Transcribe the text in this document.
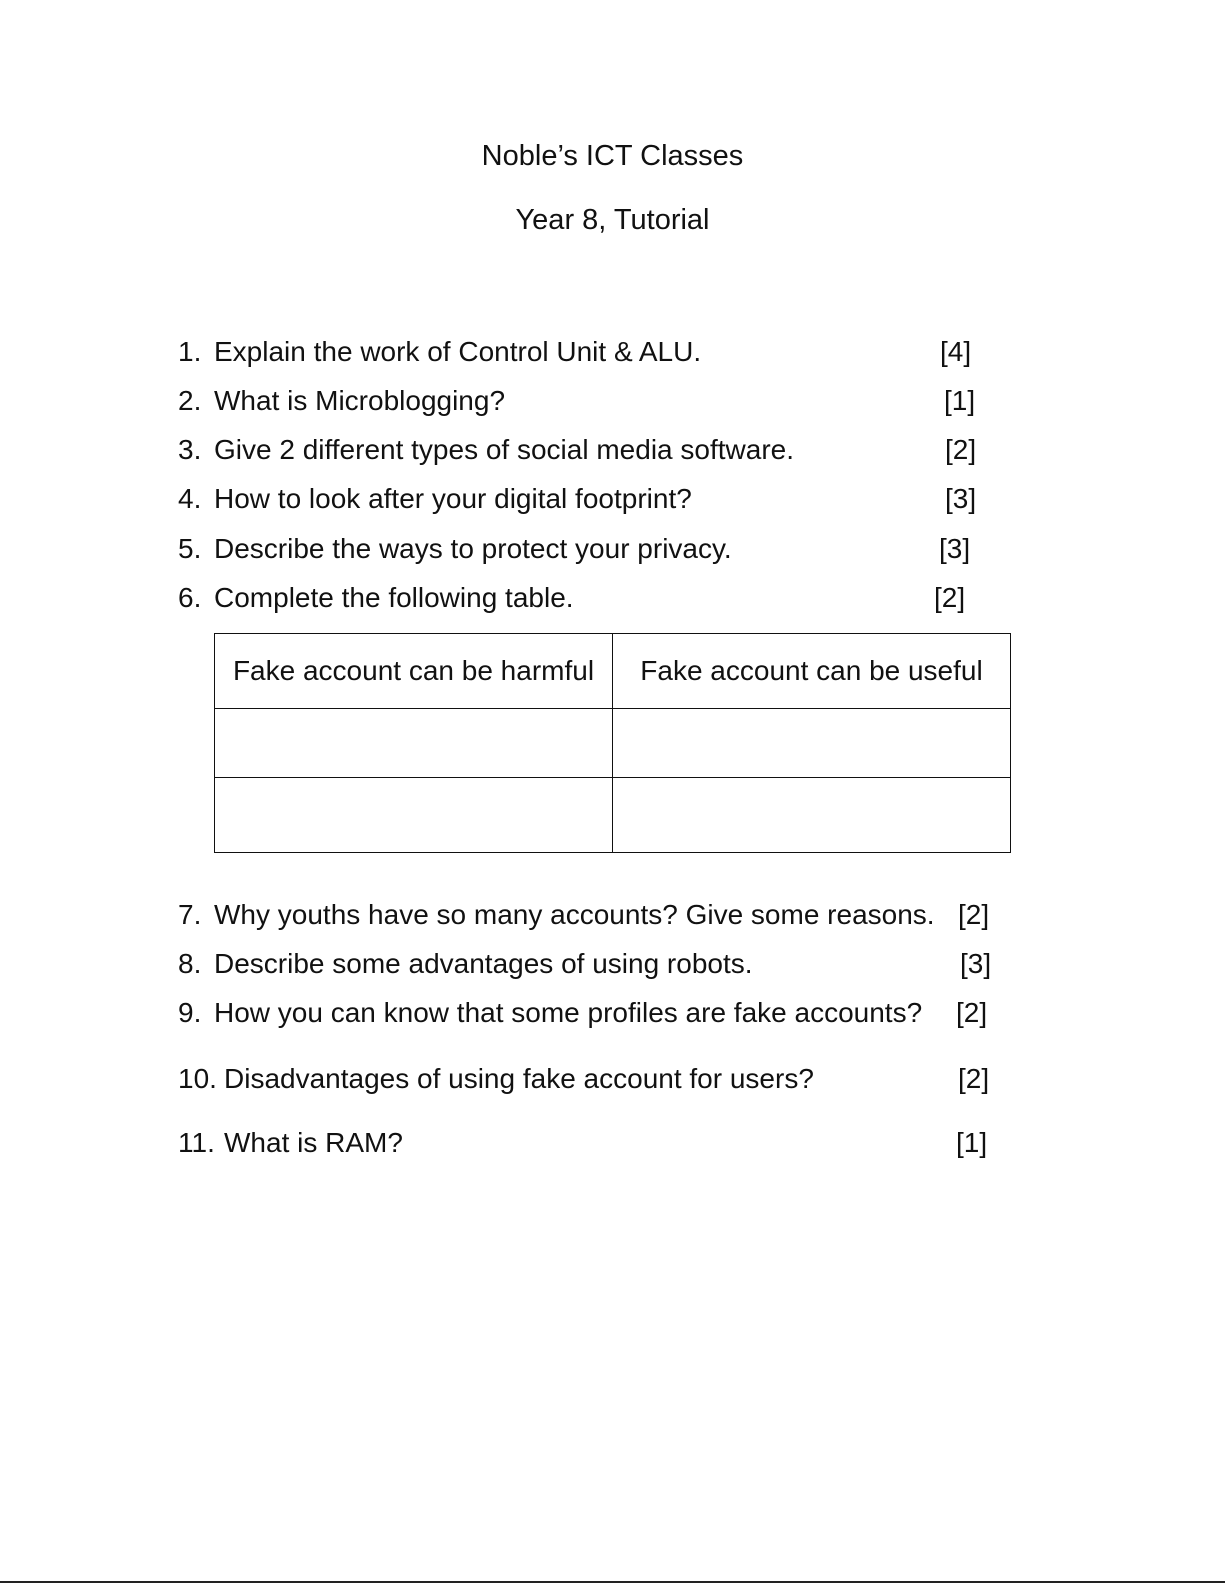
Noble’s ICT Classes
Year 8, Tutorial
1. Explain the work of Control Unit & ALU.	[4]
2. What is Microblogging?	[1]
3. Give 2 different types of social media software.	[2]
4. How to look after your digital footprint?	[3]
5. Describe the ways to protect your privacy.	[3]
6. Complete the following table.	[2]
Fake account can be harmful	Fake account can be useful

7. Why youths have so many accounts? Give some reasons. [2]
8. Describe some advantages of using robots.	[3]
9. How you can know that some profiles are fake accounts? [2]
10. Disadvantages of using fake account for users?	[2]
11. What is RAM?	[1]
